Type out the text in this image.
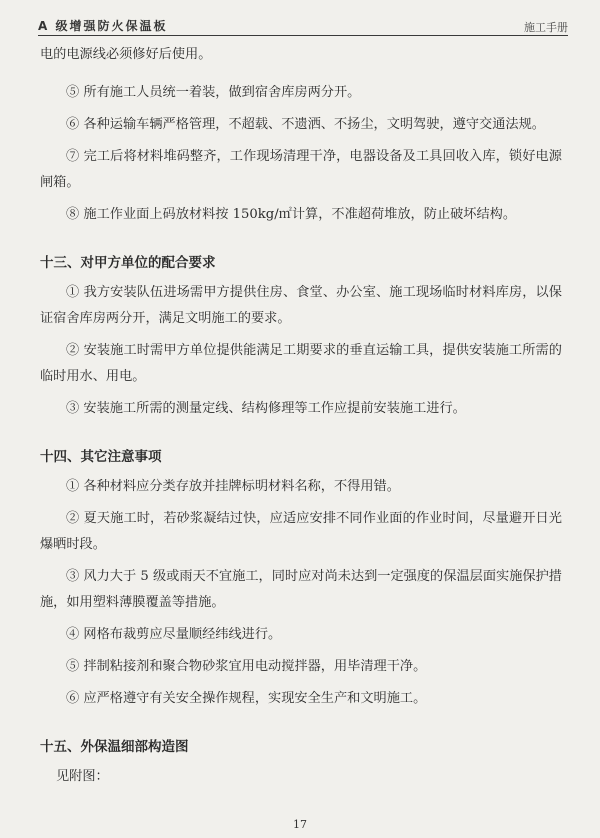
A 级增强防火保温板	施工手册

电的电源线必须修好后使用。

⑤ 所有施工人员统一着装，做到宿舍库房两分开。

⑥ 各种运输车辆严格管理，不超载、不遗洒、不扬尘，文明驾驶，遵守交通法规。

⑦ 完工后将材料堆码整齐，工作现场清理干净，电器设备及工具回收入库，锁好电源闸箱。

⑧ 施工作业面上码放材料按 150kg/㎡计算，不准超荷堆放，防止破坏结构。

十三、对甲方单位的配合要求

① 我方安装队伍进场需甲方提供住房、食堂、办公室、施工现场临时材料库房，以保证宿舍库房两分开，满足文明施工的要求。

② 安装施工时需甲方单位提供能满足工期要求的垂直运输工具，提供安装施工所需的临时用水、用电。

③ 安装施工所需的测量定线、结构修理等工作应提前安装施工进行。

十四、其它注意事项

① 各种材料应分类存放并挂牌标明材料名称，不得用错。

② 夏天施工时，若砂浆凝结过快，应适应安排不同作业面的作业时间，尽量避开日光爆晒时段。

③ 风力大于 5 级或雨天不宜施工，同时应对尚未达到一定强度的保温层面实施保护措施，如用塑料薄膜覆盖等措施。

④ 网格布裁剪应尽量顺经纬线进行。

⑤ 拌制粘接剂和聚合物砂浆宜用电动搅拌器，用毕清理干净。

⑥ 应严格遵守有关安全操作规程，实现安全生产和文明施工。

十五、外保温细部构造图

见附图：

17
